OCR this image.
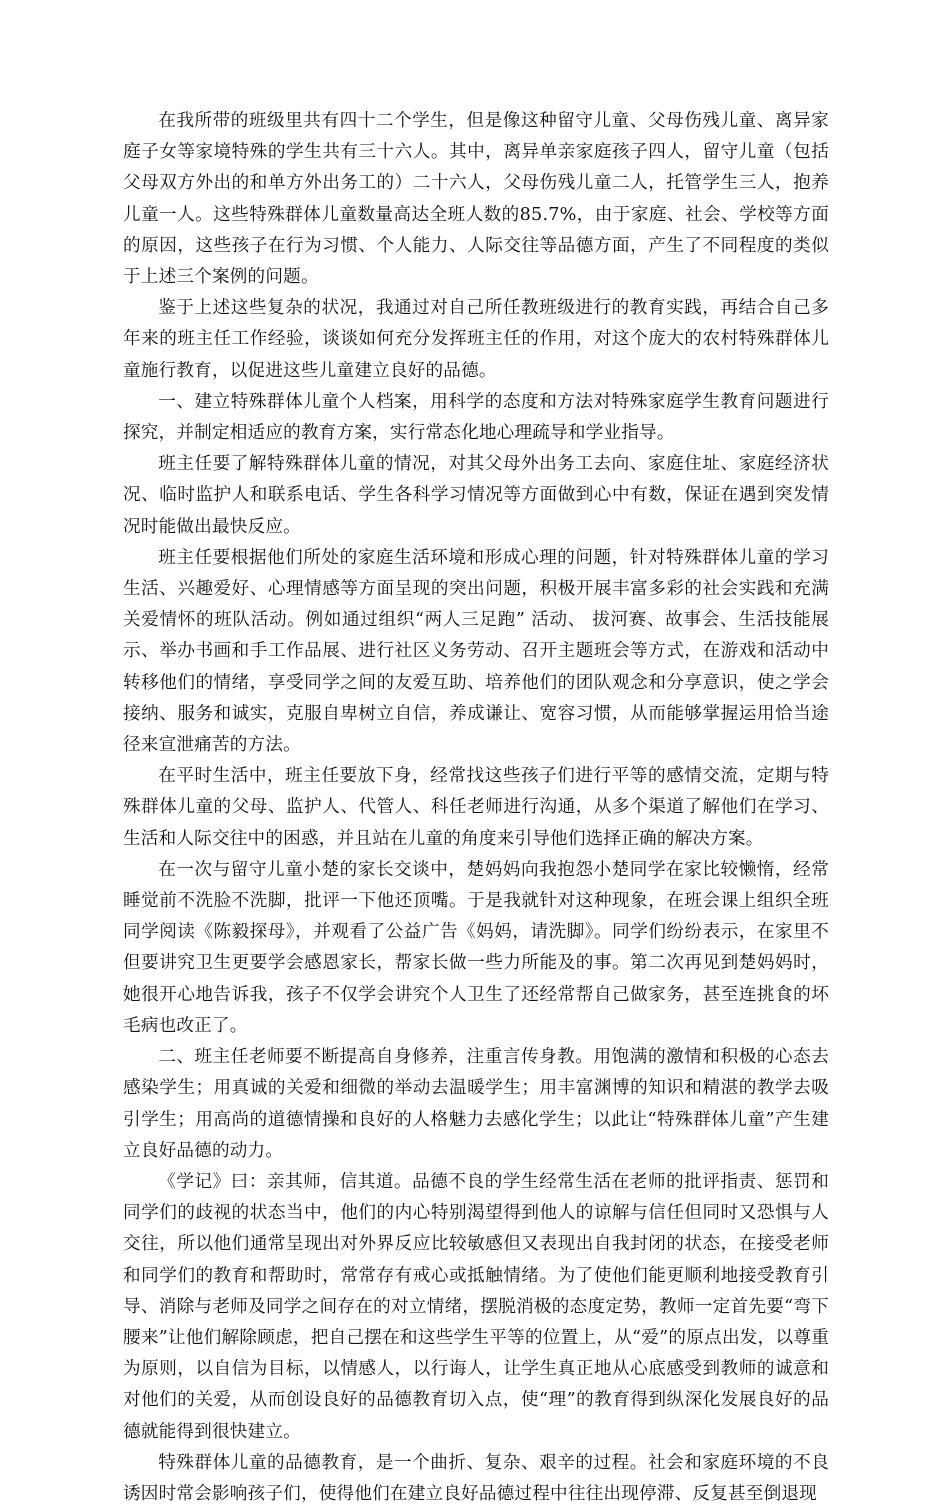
在我所带的班级里共有四十二个学生，但是像这种留守儿童、父母伤残儿童、离异家庭子女等家境特殊的学生共有三十六人。其中，离异单亲家庭孩子四人，留守儿童（包括父母双方外出的和单方外出务工的）二十六人，父母伤残儿童二人，托管学生三人，抱养儿童一人。这些特殊群体儿童数量高达全班人数的85.7%，由于家庭、社会、学校等方面的原因，这些孩子在行为习惯、个人能力、人际交往等品德方面，产生了不同程度的类似于上述三个案例的问题。

鉴于上述这些复杂的状况，我通过对自己所任教班级进行的教育实践，再结合自己多年来的班主任工作经验，谈谈如何充分发挥班主任的作用，对这个庞大的农村特殊群体儿童施行教育，以促进这些儿童建立良好的品德。

一、建立特殊群体儿童个人档案，用科学的态度和方法对特殊家庭学生教育问题进行探究，并制定相适应的教育方案，实行常态化地心理疏导和学业指导。

班主任要了解特殊群体儿童的情况，对其父母外出务工去向、家庭住址、家庭经济状况、临时监护人和联系电话、学生各科学习情况等方面做到心中有数，保证在遇到突发情况时能做出最快反应。

班主任要根据他们所处的家庭生活环境和形成心理的问题，针对特殊群体儿童的学习生活、兴趣爱好、心理情感等方面呈现的突出问题，积极开展丰富多彩的社会实践和充满关爱情怀的班队活动。例如通过组织“两人三足跑” 活动、 拔河赛、故事会、生活技能展示、举办书画和手工作品展、进行社区义务劳动、召开主题班会等方式，在游戏和活动中转移他们的情绪，享受同学之间的友爱互助、培养他们的团队观念和分享意识，使之学会接纳、服务和诚实，克服自卑树立自信，养成谦让、宽容习惯，从而能够掌握运用恰当途径来宣泄痛苦的方法。

在平时生活中，班主任要放下身，经常找这些孩子们进行平等的感情交流，定期与特殊群体儿童的父母、监护人、代管人、科任老师进行沟通，从多个渠道了解他们在学习、生活和人际交往中的困惑，并且站在儿童的角度来引导他们选择正确的解决方案。

在一次与留守儿童小楚的家长交谈中，楚妈妈向我抱怨小楚同学在家比较懒惰，经常睡觉前不洗脸不洗脚，批评一下他还顶嘴。于是我就针对这种现象，在班会课上组织全班同学阅读《陈毅探母》，并观看了公益广告《妈妈，请洗脚》。同学们纷纷表示，在家里不但要讲究卫生更要学会感恩家长，帮家长做一些力所能及的事。第二次再见到楚妈妈时，她很开心地告诉我，孩子不仅学会讲究个人卫生了还经常帮自己做家务，甚至连挑食的坏毛病也改正了。

二、班主任老师要不断提高自身修养，注重言传身教。用饱满的激情和积极的心态去感染学生；用真诚的关爱和细微的举动去温暖学生；用丰富渊博的知识和精湛的教学去吸引学生；用高尚的道德情操和良好的人格魅力去感化学生；以此让“特殊群体儿童”产生建立良好品德的动力。

《学记》曰：亲其师，信其道。品德不良的学生经常生活在老师的批评指责、惩罚和同学们的歧视的状态当中，他们的内心特别渴望得到他人的谅解与信任但同时又恐惧与人交往，所以他们通常呈现出对外界反应比较敏感但又表现出自我封闭的状态，在接受老师和同学们的教育和帮助时，常常存有戒心或抵触情绪。为了使他们能更顺利地接受教育引导、消除与老师及同学之间存在的对立情绪，摆脱消极的态度定势，教师一定首先要“弯下腰来”让他们解除顾虑，把自己摆在和这些学生平等的位置上，从“爱”的原点出发，以尊重为原则，以自信为目标，以情感人，以行诲人，让学生真正地从心底感受到教师的诚意和对他们的关爱，从而创设良好的品德教育切入点，使“理”的教育得到纵深化发展良好的品德就能得到很快建立。

特殊群体儿童的品德教育，是一个曲折、复杂、艰辛的过程。社会和家庭环境的不良诱因时常会影响孩子们，使得他们在建立良好品德过程中往往出现停滞、反复甚至倒退现
